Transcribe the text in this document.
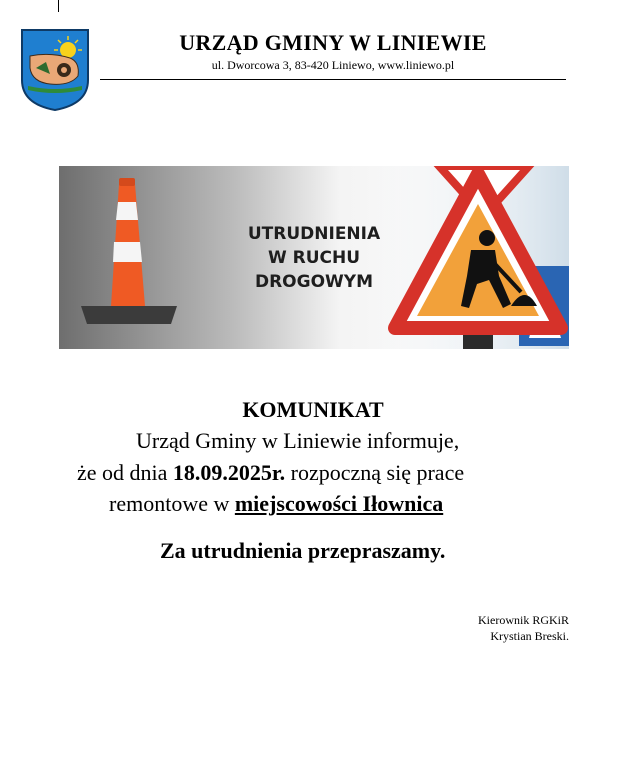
URZĄD GMINY W LINIEWIE
ul. Dworcowa 3, 83-420 Liniewo, www.liniewo.pl
UTRUDNIENIA
W RUCHU
DROGOWYM
KOMUNIKAT
Urząd Gminy w Liniewie informuje,
że od dnia 18.09.2025r. rozpoczną się prace
remontowe w miejscowości Iłownica
Za utrudnienia przepraszamy.
Kierownik RGKiR
Krystian Breski.
